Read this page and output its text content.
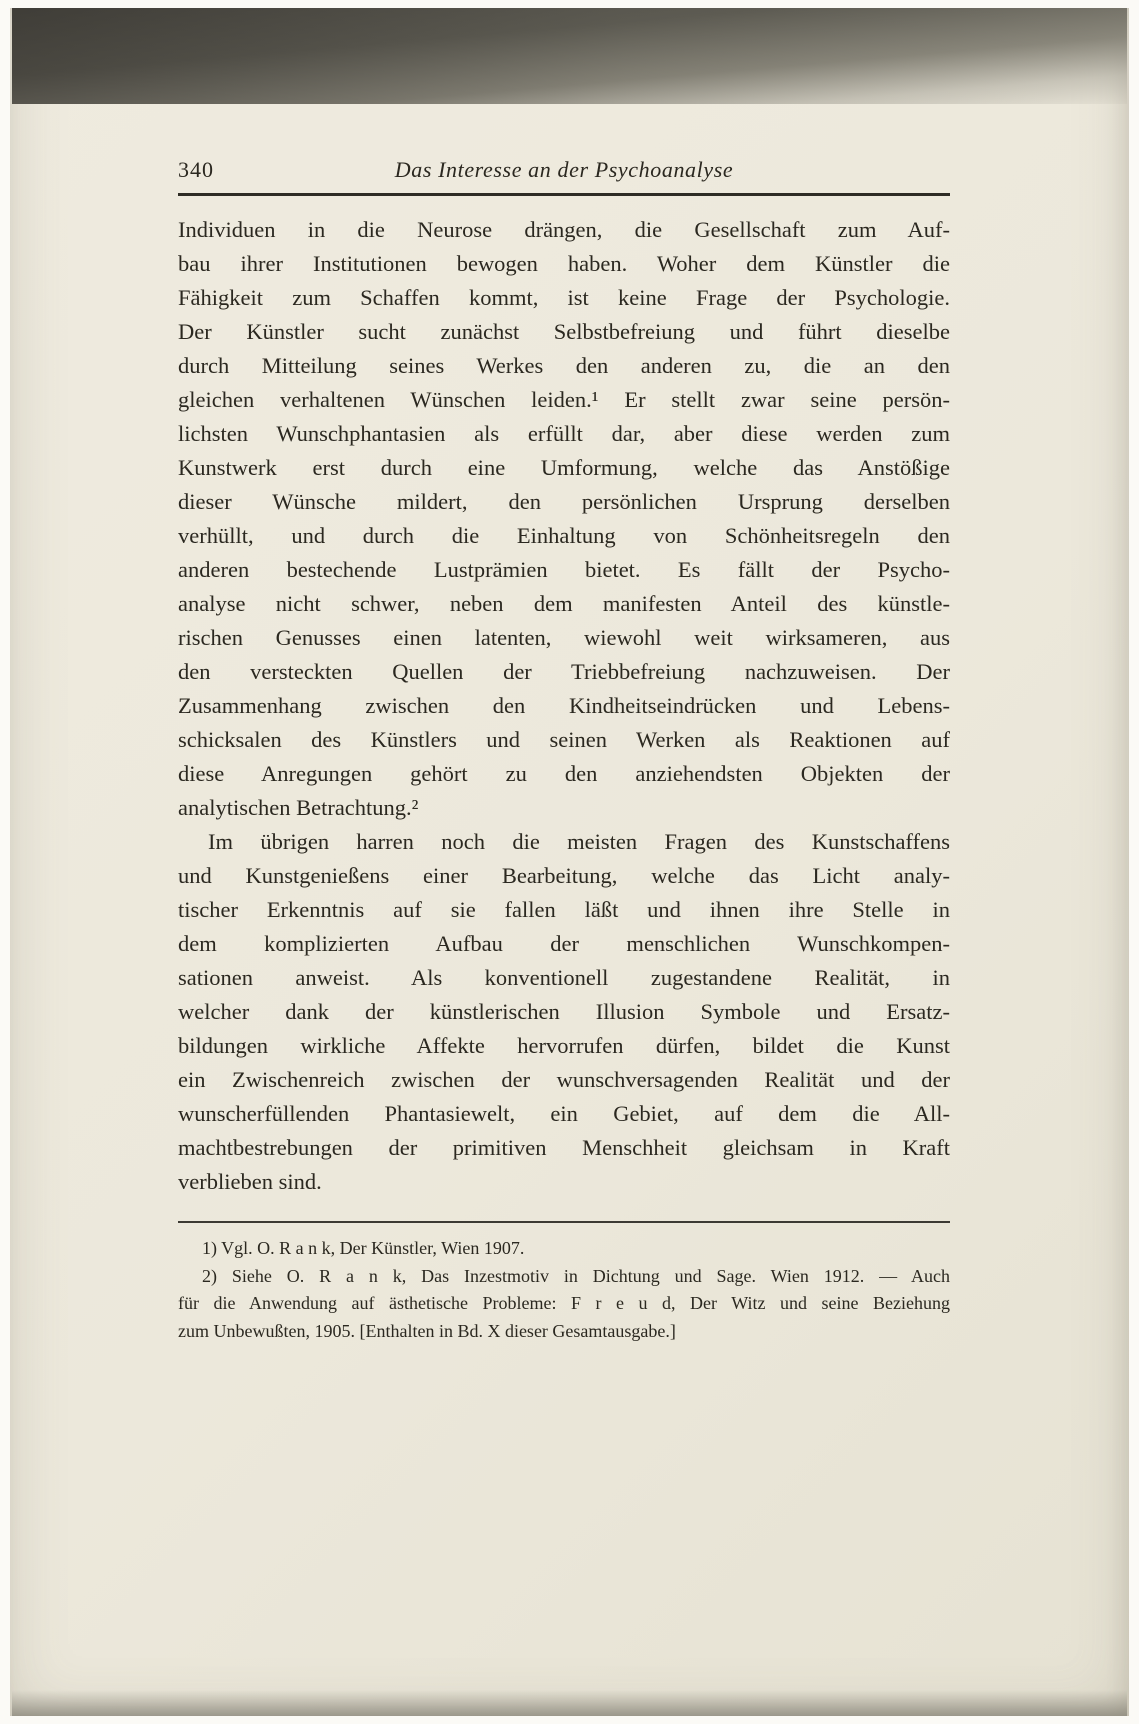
340	Das Interesse an der Psychoanalyse
Individuen in die Neurose drängen, die Gesellschaft zum Auf-
bau ihrer Institutionen bewogen haben. Woher dem Künstler die
Fähigkeit zum Schaffen kommt, ist keine Frage der Psychologie.
Der Künstler sucht zunächst Selbstbefreiung und führt dieselbe
durch Mitteilung seines Werkes den anderen zu, die an den
gleichen verhaltenen Wünschen leiden.¹ Er stellt zwar seine persön-
lichsten Wunschphantasien als erfüllt dar, aber diese werden zum
Kunstwerk erst durch eine Umformung, welche das Anstößige
dieser Wünsche mildert, den persönlichen Ursprung derselben
verhüllt, und durch die Einhaltung von Schönheitsregeln den
anderen bestechende Lustprämien bietet. Es fällt der Psycho-
analyse nicht schwer, neben dem manifesten Anteil des künstle-
rischen Genusses einen latenten, wiewohl weit wirksameren, aus
den versteckten Quellen der Triebbefreiung nachzuweisen. Der
Zusammenhang zwischen den Kindheitseindrücken und Lebens-
schicksalen des Künstlers und seinen Werken als Reaktionen auf
diese Anregungen gehört zu den anziehendsten Objekten der
analytischen Betrachtung.²
Im übrigen harren noch die meisten Fragen des Kunstschaffens
und Kunstgenießens einer Bearbeitung, welche das Licht analy-
tischer Erkenntnis auf sie fallen läßt und ihnen ihre Stelle in
dem komplizierten Aufbau der menschlichen Wunschkompen-
sationen anweist. Als konventionell zugestandene Realität, in
welcher dank der künstlerischen Illusion Symbole und Ersatz-
bildungen wirkliche Affekte hervorrufen dürfen, bildet die Kunst
ein Zwischenreich zwischen der wunschversagenden Realität und der
wunscherfüllenden Phantasiewelt, ein Gebiet, auf dem die All-
machtbestrebungen der primitiven Menschheit gleichsam in Kraft
verblieben sind.
1) Vgl. O. R a n k, Der Künstler, Wien 1907.
2) Siehe O. R a n k, Das Inzestmotiv in Dichtung und Sage. Wien 1912. — Auch
für die Anwendung auf ästhetische Probleme: F r e u d, Der Witz und seine Beziehung
zum Unbewußten, 1905. [Enthalten in Bd. X dieser Gesamtausgabe.]
